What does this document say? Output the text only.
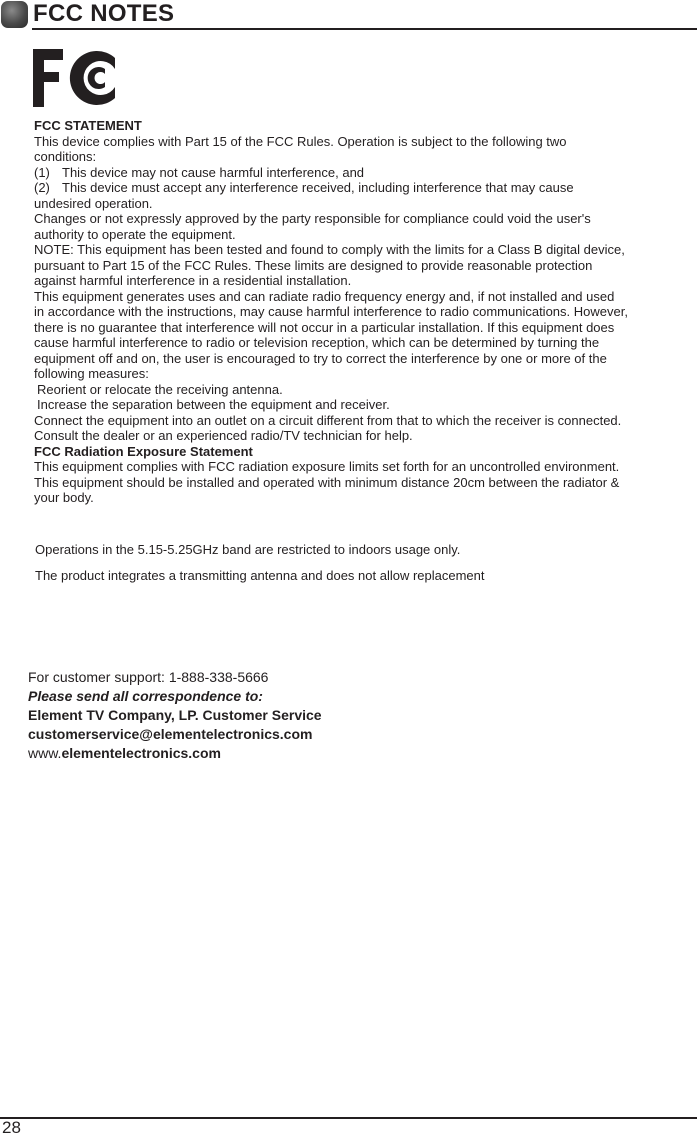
FCC NOTES

FCC STATEMENT

This device complies with Part 15 of the FCC Rules. Operation is subject to the following two

conditions:

(1) This device may not cause harmful interference, and
(2) This device must accept any interference received, including interference that may cause

undesired operation.

Changes or not expressly approved by the party responsible for compliance could void the user's

authority to operate the equipment.

NOTE: This equipment has been tested and found to comply with the limits for a Class B digital device,

pursuant to Part 15 of the FCC Rules. These limits are designed to provide reasonable protection

against harmful interference in a residential installation.

This equipment generates uses and can radiate radio frequency energy and, if not installed and used

in accordance with the instructions, may cause harmful interference to radio communications. However,

there is no guarantee that interference will not occur in a particular installation. If this equipment does

cause harmful interference to radio or television reception, which can be determined by turning the

equipment off and on, the user is encouraged to try to correct the interference by one or more of the

following measures:

Reorient or relocate the receiving antenna.

Increase the separation between the equipment and receiver.

Connect the equipment into an outlet on a circuit different from that to which the receiver is connected.

Consult the dealer or an experienced radio/TV technician for help.

FCC Radiation Exposure Statement

This equipment complies with FCC radiation exposure limits set forth for an uncontrolled environment.

This equipment should be installed and operated with minimum distance 20cm between the radiator &

your body.

Operations in the 5.15-5.25GHz band are restricted to indoors usage only.
The product integrates a transmitting antenna and does not allow replacement

For customer support: 1-888-338-5666

Please send all correspondence to:

Element TV Company, LP. Customer Service

customerservice@elementelectronics.com

www.elementelectronics.com

28
